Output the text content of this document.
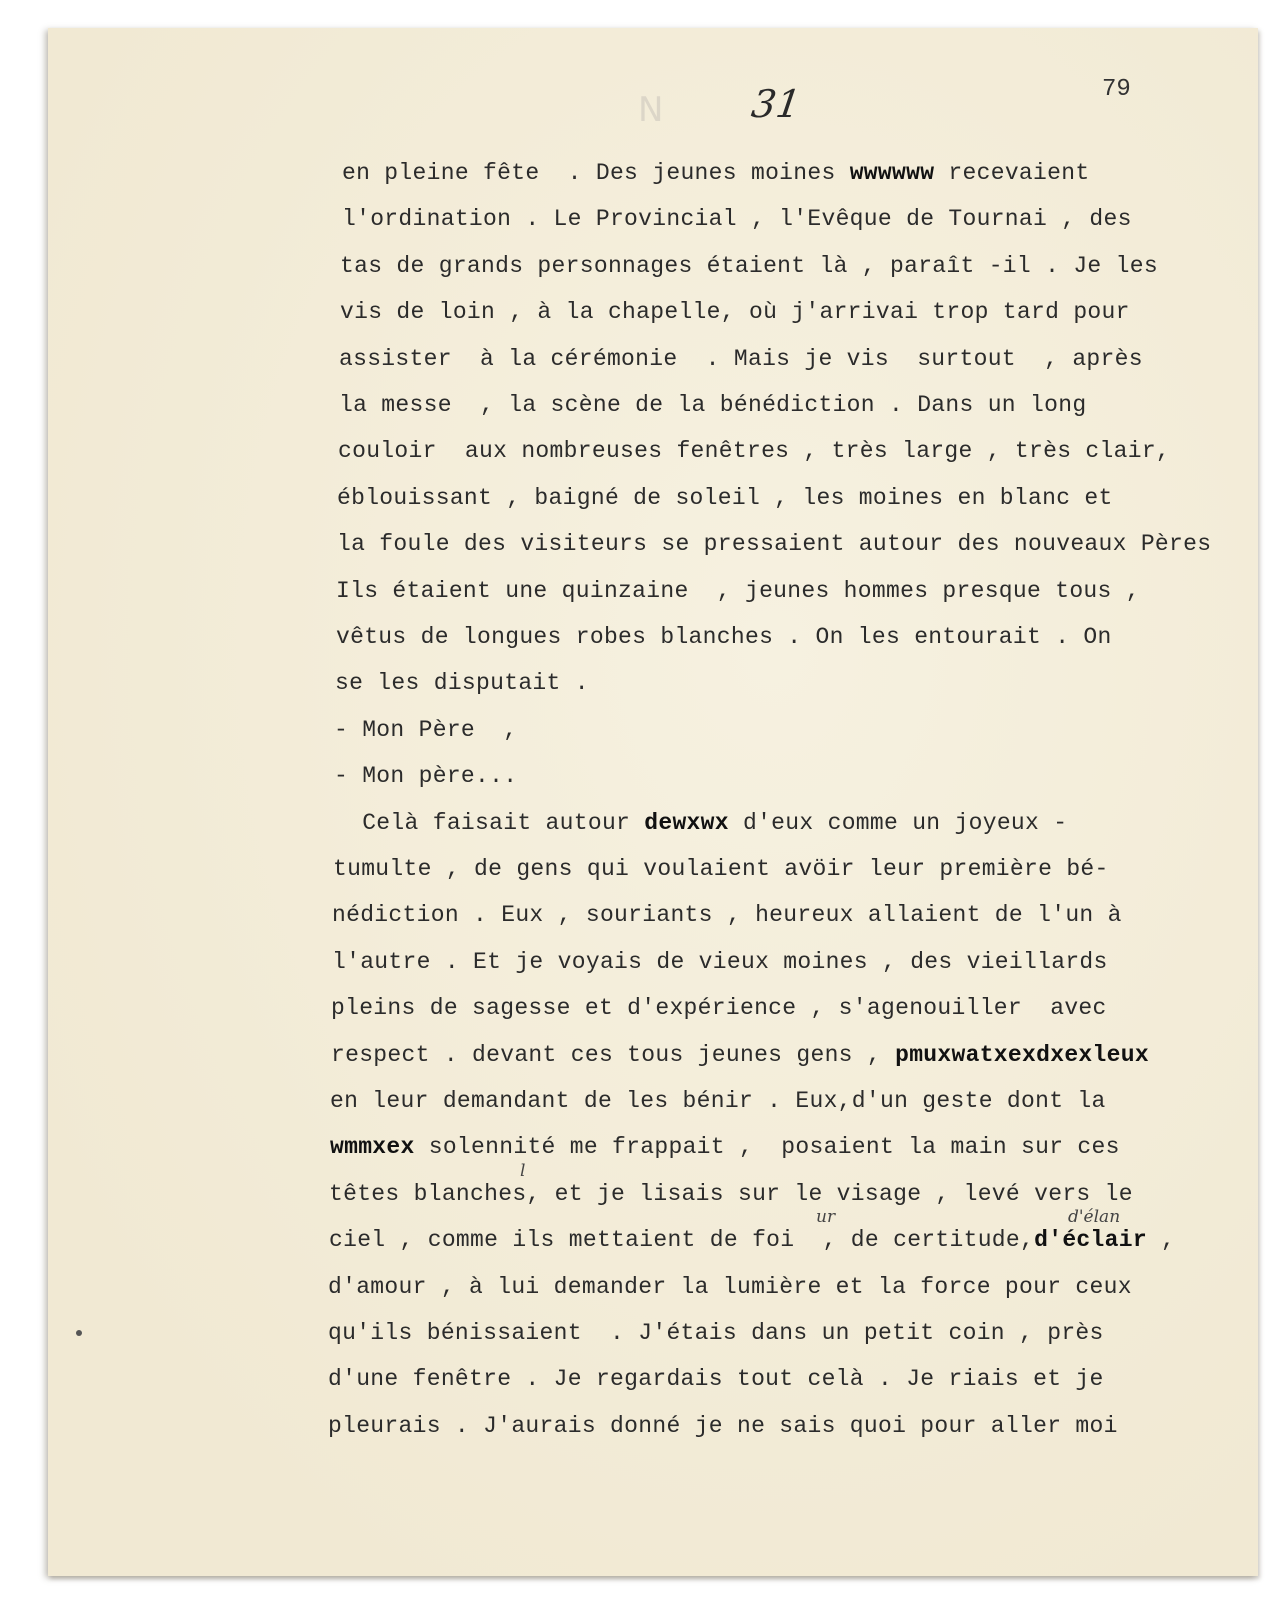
N 31	79
en pleine fête  . Des jeunes moines wwwwww recevaient
l'ordination . Le Provincial , l'Evêque de Tournai , des
tas de grands personnages étaient là , paraît -il . Je les
vis de loin , à la chapelle, où j'arrivai trop tard pour
assister  à la cérémonie  . Mais je vis  surtout  , après
la messe  , la scène de la bénédiction . Dans un long
couloir  aux nombreuses fenêtres , très large , très clair,
éblouissant , baigné de soleil , les moines en blanc et
la foule des visiteurs se pressaient autour des nouveaux Pères
Ils étaient une quinzaine  , jeunes hommes presque tous ,
vêtus de longues robes blanches . On les entourait . On
se les disputait .
- Mon Père  ,
- Mon père...
Celà faisait autour dewxwx d'eux comme un joyeux -
tumulte , de gens qui voulaient avöir leur première bé-
nédiction . Eux , souriants , heureux allaient de l'un à
l'autre . Et je voyais de vieux moines , des vieillards
pleins de sagesse et d'expérience , s'agenouiller  avec
respect . devant ces tous jeunes gens , pmuxwatxexdxexleux
en leur demandant de les bénir . Eux,d'un geste dont la
wmmxex solennité me frappait ,  posaient la main sur ces
têtes blanches, et je lisais sur le visage , levé vers le
ciel , comme ils mettaient de foi  , de certitude,d'éclair ,
d'amour , à lui demander la lumière et la force pour ceux
qu'ils bénissaient  . J'étais dans un petit coin , près
d'une fenêtre . Je regardais tout celà . Je riais et je
pleurais . J'aurais donné je ne sais quoi pour aller moi
l
ur	d'élan
